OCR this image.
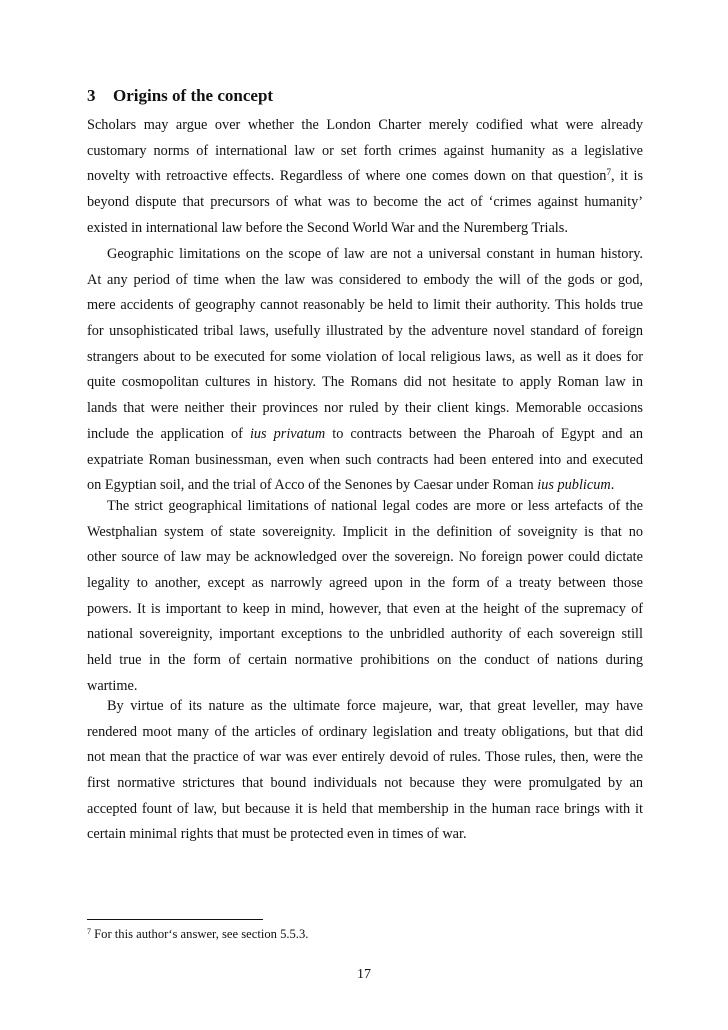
3 Origins of the concept
Scholars may argue over whether the London Charter merely codified what were already
customary norms of international law or set forth crimes against humanity as a legislative
novelty with retroactive effects. Regardless of where one comes down on that question$^7$, it is
beyond dispute that precursors of what was to become the act of ‘crimes against humanity’
existed in international law before the Second World War and the Nuremberg Trials.
Geographic limitations on the scope of law are not a universal constant in human history.
At any period of time when the law was considered to embody the will of the gods or god,
mere accidents of geography cannot reasonably be held to limit their authority. This holds true
for unsophisticated tribal laws, usefully illustrated by the adventure novel standard of foreign
strangers about to be executed for some violation of local religious laws, as well as it does for
quite cosmopolitan cultures in history. The Romans did not hesitate to apply Roman law in
lands that were neither their provinces nor ruled by their client kings. Memorable occasions
include the application of ius privatum to contracts between the Pharoah of Egypt and an
expatriate Roman businessman, even when such contracts had been entered into and executed
on Egyptian soil, and the trial of Acco of the Senones by Caesar under Roman ius publicum.
The strict geographical limitations of national legal codes are more or less artefacts of the
Westphalian system of state sovereignity. Implicit in the definition of soveignity is that no
other source of law may be acknowledged over the sovereign. No foreign power could dictate
legality to another, except as narrowly agreed upon in the form of a treaty between those
powers. It is important to keep in mind, however, that even at the height of the supremacy of
national sovereignity, important exceptions to the unbridled authority of each sovereign still
held true in the form of certain normative prohibitions on the conduct of nations during
wartime.
By virtue of its nature as the ultimate force majeure, war, that great leveller, may have
rendered moot many of the articles of ordinary legislation and treaty obligations, but that did
not mean that the practice of war was ever entirely devoid of rules. Those rules, then, were the
first normative strictures that bound individuals not because they were promulgated by an
accepted fount of law, but because it is held that membership in the human race brings with it
certain minimal rights that must be protected even in times of war.

$^7$ For this author‘s answer, see section 5.5.3.

17
